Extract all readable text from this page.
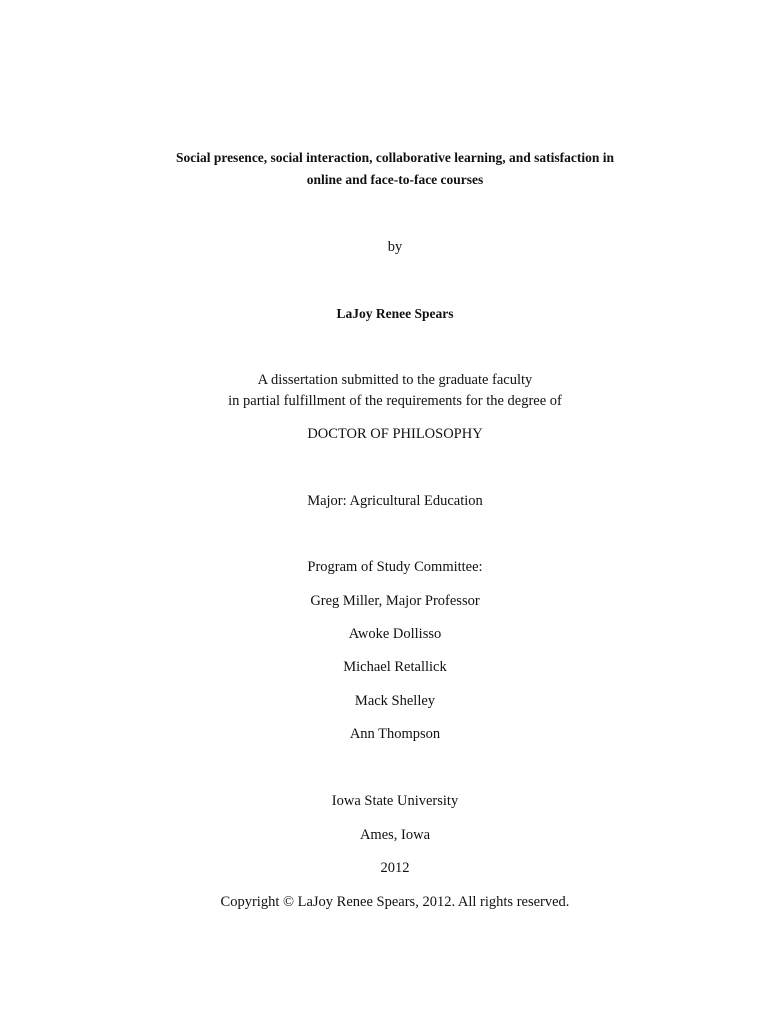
Social presence, social interaction, collaborative learning, and satisfaction in
online and face-to-face courses
by
LaJoy Renee Spears
A dissertation submitted to the graduate faculty
in partial fulfillment of the requirements for the degree of
DOCTOR OF PHILOSOPHY
Major: Agricultural Education
Program of Study Committee:
Greg Miller, Major Professor
Awoke Dollisso
Michael Retallick
Mack Shelley
Ann Thompson
Iowa State University
Ames, Iowa
2012
Copyright © LaJoy Renee Spears, 2012. All rights reserved.
